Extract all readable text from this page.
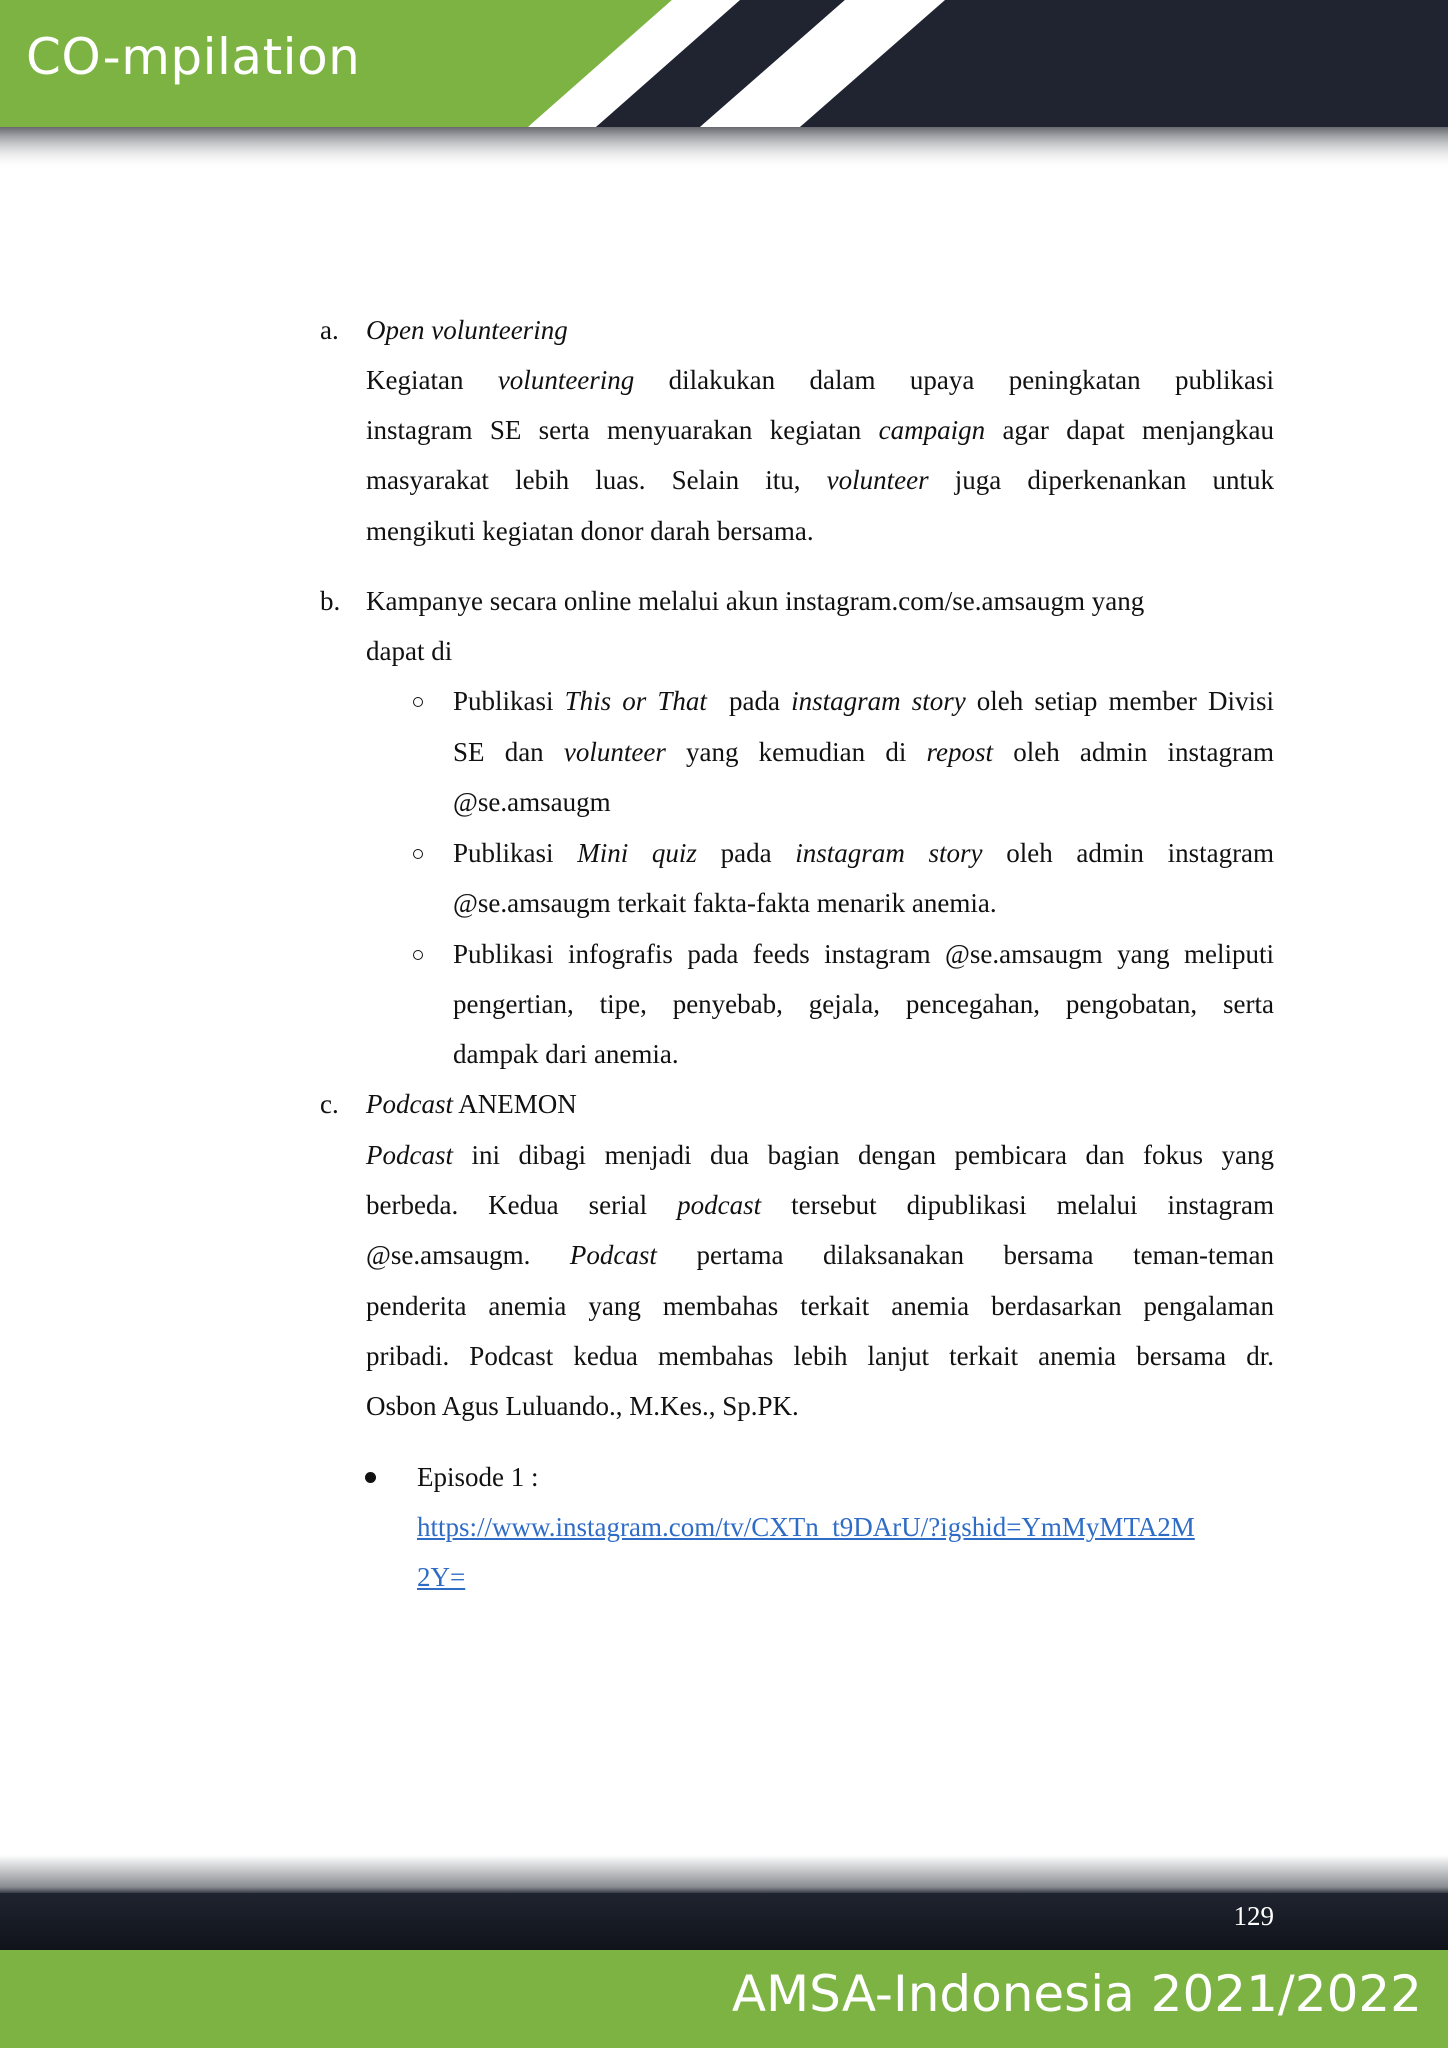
CO-mpilation
a. Open volunteering
Kegiatan volunteering dilakukan dalam upaya peningkatan publikasi
instagram SE serta menyuarakan kegiatan campaign agar dapat menjangkau
masyarakat lebih luas. Selain itu, volunteer juga diperkenankan untuk
mengikuti kegiatan donor darah bersama.
b. Kampanye secara online melalui akun instagram.com/se.amsaugm yang
dapat di
Publikasi This or That pada instagram story oleh setiap member Divisi
SE dan volunteer yang kemudian di repost oleh admin instagram
@se.amsaugm
Publikasi Mini quiz pada instagram story oleh admin instagram
@se.amsaugm terkait fakta-fakta menarik anemia.
Publikasi infografis pada feeds instagram @se.amsaugm yang meliputi
pengertian, tipe, penyebab, gejala, pencegahan, pengobatan, serta
dampak dari anemia.
c. Podcast ANEMON
Podcast ini dibagi menjadi dua bagian dengan pembicara dan fokus yang
berbeda. Kedua serial podcast tersebut dipublikasi melalui instagram
@se.amsaugm. Podcast pertama dilaksanakan bersama teman-teman
penderita anemia yang membahas terkait anemia berdasarkan pengalaman
pribadi. Podcast kedua membahas lebih lanjut terkait anemia bersama dr.
Osbon Agus Luluando., M.Kes., Sp.PK.
Episode 1 :
https://www.instagram.com/tv/CXTn_t9DArU/?igshid=YmMyMTA2M
2Y=
129
AMSA-Indonesia 2021/2022
